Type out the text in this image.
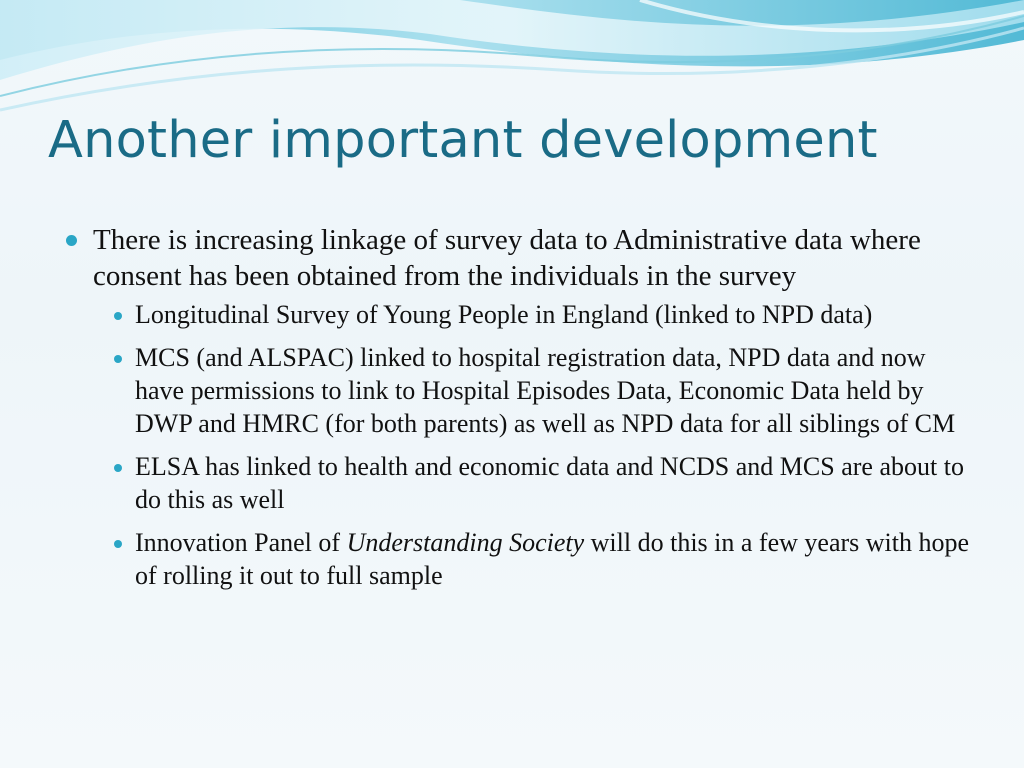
Another important development
There is increasing linkage of survey data to Administrative data where consent has been obtained from the individuals in the survey
Longitudinal Survey of Young People in England (linked to NPD data)
MCS (and ALSPAC) linked to hospital registration data, NPD data and now have permissions to link to Hospital Episodes Data, Economic Data held by DWP and HMRC (for both parents) as well as NPD data for all siblings of CM
ELSA has linked to health and economic data and NCDS and MCS are about to do this as well
Innovation Panel of Understanding Society will do this in a few years with hope of rolling it out to full sample
